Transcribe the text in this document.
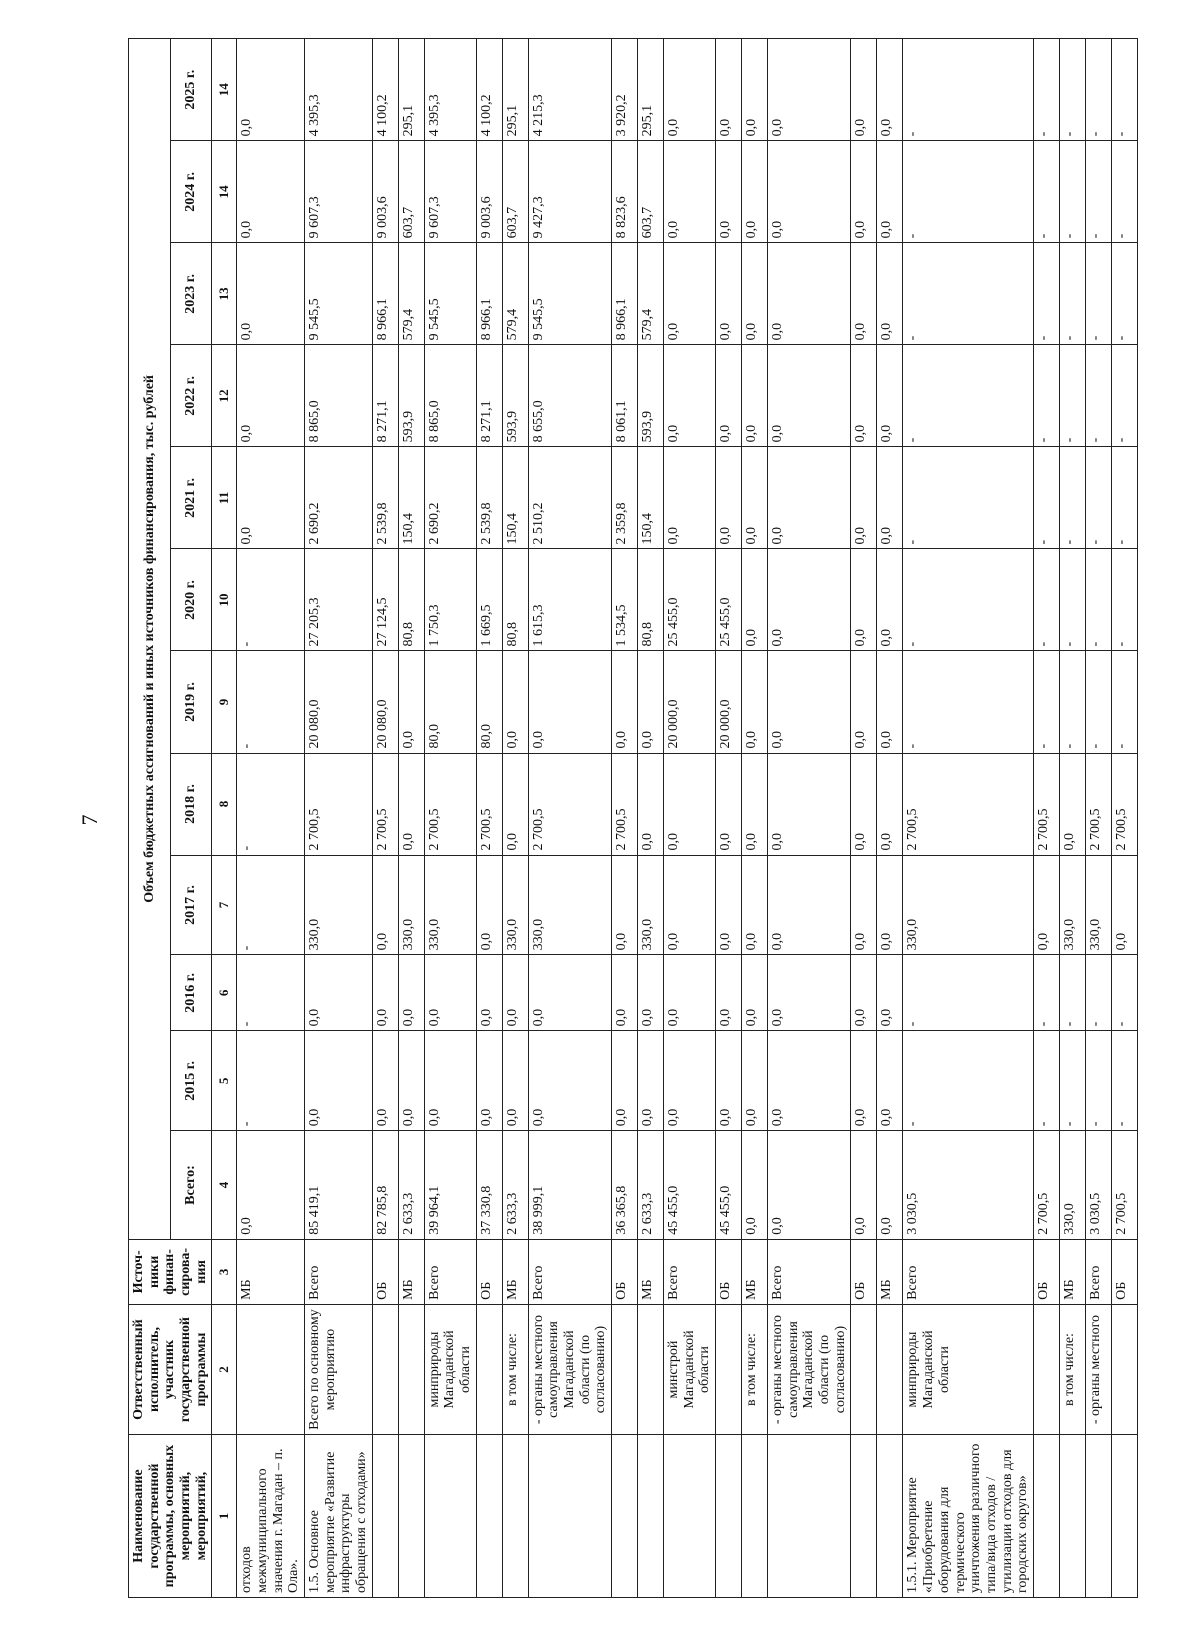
7
Наименование государственной программы, основных мероприятий, мероприятий,	Ответственный исполнитель, участник государственной программы	Источ-ники финан-сирова-ния	Объем бюджетных ассигнований и иных источников финансирования, тыс. рублей											
			Всего:	2015 г.	2016 г.	2017 г.	2018 г.	2019 г.	2020 г.	2021 г.	2022 г.	2023 г.	2024 г.	2025 г.
1	2	3	4	5	6	7	8	9	10	11	12	13	14	14
отходов межмуниципального значения г. Магадан – п. Ола».		МБ	0,0	-	-	-	-	-	-	0,0	0,0	0,0	0,0	0,0
1.5. Основное мероприятие «Развитие инфраструктуры обращения с отходами»	Всего по основному мероприятию	Всего	85 419,1	0,0	0,0	330,0	2 700,5	20 080,0	27 205,3	2 690,2	8 865,0	9 545,5	9 607,3	4 395,3
		ОБ	82 785,8	0,0	0,0	0,0	2 700,5	20 080,0	27 124,5	2 539,8	8 271,1	8 966,1	9 003,6	4 100,2
		МБ	2 633,3	0,0	0,0	330,0	0,0	0,0	80,8	150,4	593,9	579,4	603,7	295,1
	минприроды Магаданской области	Всего	39 964,1	0,0	0,0	330,0	2 700,5	80,0	1 750,3	2 690,2	8 865,0	9 545,5	9 607,3	4 395,3
		ОБ	37 330,8	0,0	0,0	0,0	2 700,5	80,0	1 669,5	2 539,8	8 271,1	8 966,1	9 003,6	4 100,2
	в том числе:	МБ	2 633,3	0,0	0,0	330,0	0,0	0,0	80,8	150,4	593,9	579,4	603,7	295,1
	- органы местного самоуправления Магаданской области (по согласованию)	Всего	38 999,1	0,0	0,0	330,0	2 700,5	0,0	1 615,3	2 510,2	8 655,0	9 545,5	9 427,3	4 215,3
		ОБ	36 365,8	0,0	0,0	0,0	2 700,5	0,0	1 534,5	2 359,8	8 061,1	8 966,1	8 823,6	3 920,2
		МБ	2 633,3	0,0	0,0	330,0	0,0	0,0	80,8	150,4	593,9	579,4	603,7	295,1
	минстрой Магаданской области	Всего	45 455,0	0,0	0,0	0,0	0,0	20 000,0	25 455,0	0,0	0,0	0,0	0,0	0,0
		ОБ	45 455,0	0,0	0,0	0,0	0,0	20 000,0	25 455,0	0,0	0,0	0,0	0,0	0,0
	в том числе:	МБ	0,0	0,0	0,0	0,0	0,0	0,0	0,0	0,0	0,0	0,0	0,0	0,0
	- органы местного самоуправления Магаданской области (по согласованию)	Всего	0,0	0,0	0,0	0,0	0,0	0,0	0,0	0,0	0,0	0,0	0,0	0,0
		ОБ	0,0	0,0	0,0	0,0	0,0	0,0	0,0	0,0	0,0	0,0	0,0	0,0
		МБ	0,0	0,0	0,0	0,0	0,0	0,0	0,0	0,0	0,0	0,0	0,0	0,0
1.5.1. Мероприятие «Приобретение оборудования для термического уничтожения различного типа/вида отходов /утилизации отходов для городских округов»	минприроды Магаданской области	Всего	3 030,5	-	-	330,0	2 700,5	-	-	-	-	-	-	-
		ОБ	2 700,5	-	-	0,0	2 700,5	-	-	-	-	-	-	-
	в том числе:	МБ	330,0	-	-	330,0	0,0	-	-	-	-	-	-	-
	- органы местного	Всего	3 030,5	-	-	330,0	2 700,5	-	-	-	-	-	-	-
		ОБ	2 700,5	-	-	0,0	2 700,5	-	-	-	-	-	-	-
